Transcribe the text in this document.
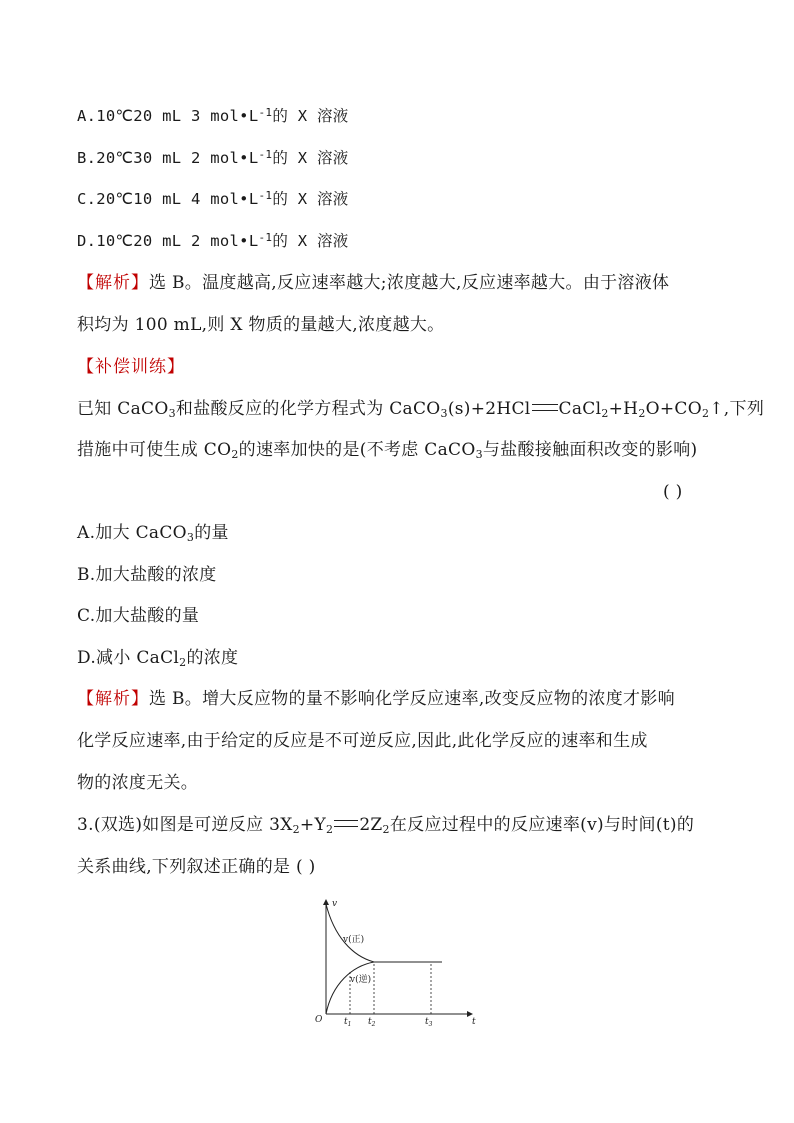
A.10℃20 mL 3 $mol•L^{-1}$的 X 溶液
B.20℃30 mL 2 $mol•L^{-1}$的 X 溶液
C.20℃10 mL 4 $mol•L^{-1}$的 X 溶液
D.10℃20 mL 2 $mol•L^{-1}$的 X 溶液
【解析】选 B。温度越高,反应速率越大;浓度越大,反应速率越大。由于溶液体
积均为 100 mL,则 X 物质的量越大,浓度越大。
【补偿训练】
已知 CaCO$_3$和盐酸反应的化学方程式为 CaCO$_3$(s)+2HCl $CaCl_2+H_2O+CO_2↑$,下列
措施中可使生成 $CO_2$的速率加快的是(不考虑 CaCO$_3$与盐酸接触面积改变的影响)
( )
A.加大 CaCO$_3$的量
B.加大盐酸的浓度
C.加大盐酸的量
D.减小 CaCl$_2$的浓度
【解析】选 B。增大反应物的量不影响化学反应速率,改变反应物的浓度才影响
化学反应速率,由于给定的反应是不可逆反应,因此,此化学反应的速率和生成
物的浓度无关。
3.(双选)如图是可逆反应 $3X_2+Y_2$ $2Z_2$在反应过程中的反应速率(v)与时间(t)的
关系曲线,下列叙述正确的是 ( )
v
t
O
v(正)
v(逆)
$t_1$ $t_2$	$t_3$
